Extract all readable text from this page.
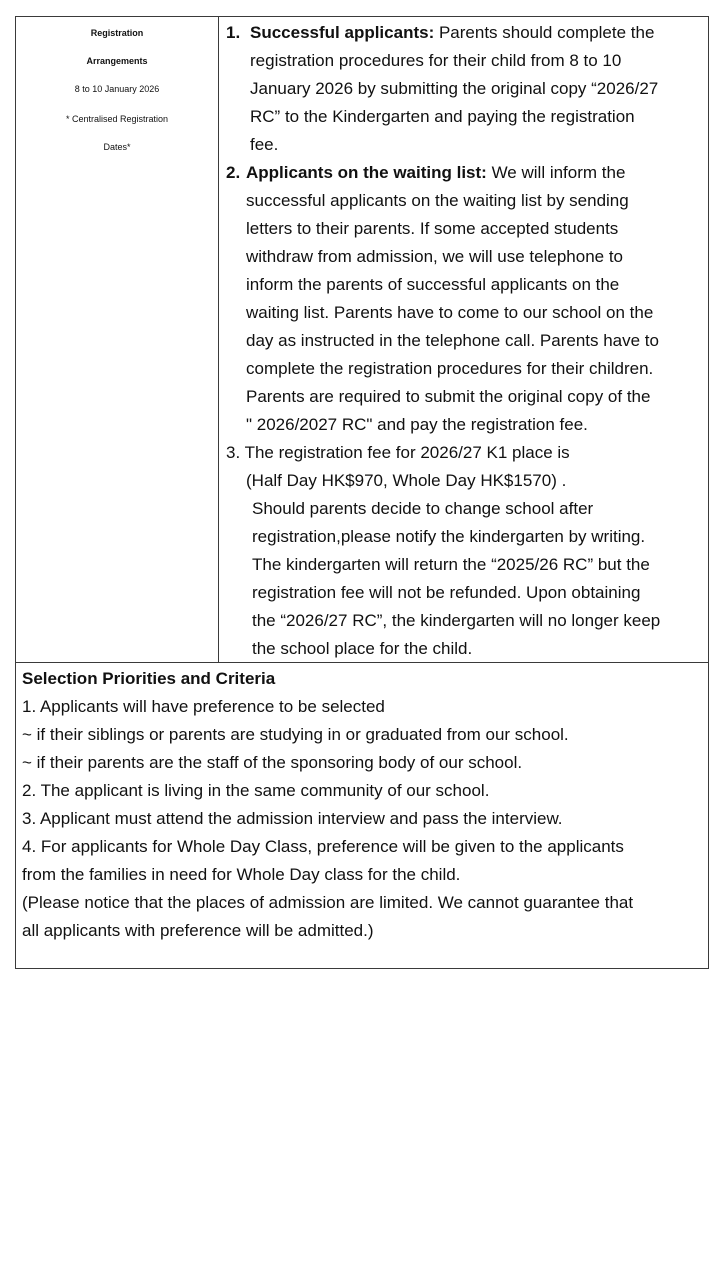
Registration
Arrangements
8 to 10 January 2026
* Centralised Registration
Dates*
1. Successful applicants: Parents should complete the
registration procedures for their child from 8 to 10
January 2026 by submitting the original copy “2026/27
RC” to the Kindergarten and paying the registration
fee.
2. Applicants on the waiting list: We will inform the
successful applicants on the waiting list by sending
letters to their parents. If some accepted students
withdraw from admission, we will use telephone to
inform the parents of successful applicants on the
waiting list. Parents have to come to our school on the
day as instructed in the telephone call. Parents have to
complete the registration procedures for their children.
Parents are required to submit the original copy of the
" 2026/2027 RC" and pay the registration fee.
3. The registration fee for 2026/27 K1 place is
(Half Day HK$970, Whole Day HK$1570) .
Should parents decide to change school after
registration,please notify the kindergarten by writing.
The kindergarten will return the “2025/26 RC” but the
registration fee will not be refunded. Upon obtaining
the “2026/27 RC”, the kindergarten will no longer keep
the school place for the child.
Selection Priorities and Criteria
1. Applicants will have preference to be selected
~ if their siblings or parents are studying in or graduated from our school.
~ if their parents are the staff of the sponsoring body of our school.
2. The applicant is living in the same community of our school.
3. Applicant must attend the admission interview and pass the interview.
4. For applicants for Whole Day Class, preference will be given to the applicants
from the families in need for Whole Day class for the child.
(Please notice that the places of admission are limited. We cannot guarantee that
all applicants with preference will be admitted.)
